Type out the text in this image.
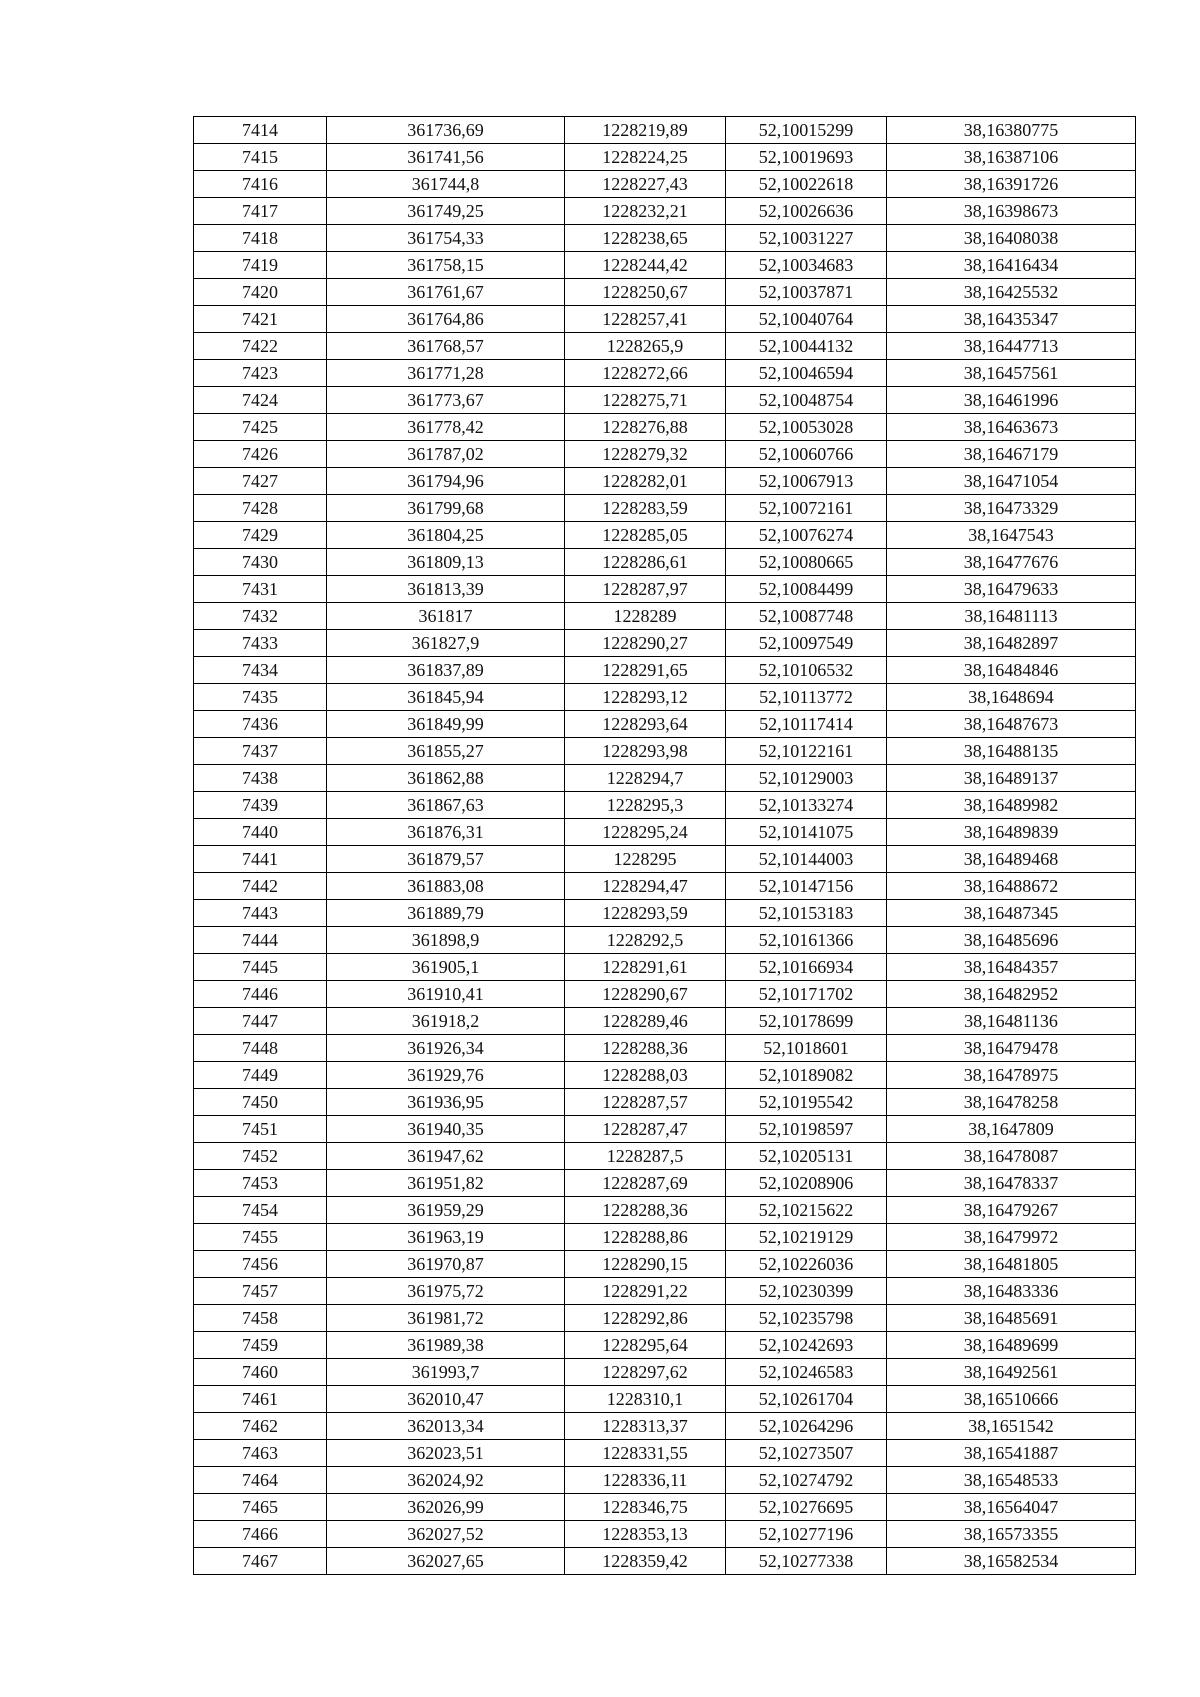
7414	361736,69	1228219,89	52,10015299	38,16380775
7415	361741,56	1228224,25	52,10019693	38,16387106
7416	361744,8	1228227,43	52,10022618	38,16391726
7417	361749,25	1228232,21	52,10026636	38,16398673
7418	361754,33	1228238,65	52,10031227	38,16408038
7419	361758,15	1228244,42	52,10034683	38,16416434
7420	361761,67	1228250,67	52,10037871	38,16425532
7421	361764,86	1228257,41	52,10040764	38,16435347
7422	361768,57	1228265,9	52,10044132	38,16447713
7423	361771,28	1228272,66	52,10046594	38,16457561
7424	361773,67	1228275,71	52,10048754	38,16461996
7425	361778,42	1228276,88	52,10053028	38,16463673
7426	361787,02	1228279,32	52,10060766	38,16467179
7427	361794,96	1228282,01	52,10067913	38,16471054
7428	361799,68	1228283,59	52,10072161	38,16473329
7429	361804,25	1228285,05	52,10076274	38,1647543
7430	361809,13	1228286,61	52,10080665	38,16477676
7431	361813,39	1228287,97	52,10084499	38,16479633
7432	361817	1228289	52,10087748	38,16481113
7433	361827,9	1228290,27	52,10097549	38,16482897
7434	361837,89	1228291,65	52,10106532	38,16484846
7435	361845,94	1228293,12	52,10113772	38,1648694
7436	361849,99	1228293,64	52,10117414	38,16487673
7437	361855,27	1228293,98	52,10122161	38,16488135
7438	361862,88	1228294,7	52,10129003	38,16489137
7439	361867,63	1228295,3	52,10133274	38,16489982
7440	361876,31	1228295,24	52,10141075	38,16489839
7441	361879,57	1228295	52,10144003	38,16489468
7442	361883,08	1228294,47	52,10147156	38,16488672
7443	361889,79	1228293,59	52,10153183	38,16487345
7444	361898,9	1228292,5	52,10161366	38,16485696
7445	361905,1	1228291,61	52,10166934	38,16484357
7446	361910,41	1228290,67	52,10171702	38,16482952
7447	361918,2	1228289,46	52,10178699	38,16481136
7448	361926,34	1228288,36	52,1018601	38,16479478
7449	361929,76	1228288,03	52,10189082	38,16478975
7450	361936,95	1228287,57	52,10195542	38,16478258
7451	361940,35	1228287,47	52,10198597	38,1647809
7452	361947,62	1228287,5	52,10205131	38,16478087
7453	361951,82	1228287,69	52,10208906	38,16478337
7454	361959,29	1228288,36	52,10215622	38,16479267
7455	361963,19	1228288,86	52,10219129	38,16479972
7456	361970,87	1228290,15	52,10226036	38,16481805
7457	361975,72	1228291,22	52,10230399	38,16483336
7458	361981,72	1228292,86	52,10235798	38,16485691
7459	361989,38	1228295,64	52,10242693	38,16489699
7460	361993,7	1228297,62	52,10246583	38,16492561
7461	362010,47	1228310,1	52,10261704	38,16510666
7462	362013,34	1228313,37	52,10264296	38,1651542
7463	362023,51	1228331,55	52,10273507	38,16541887
7464	362024,92	1228336,11	52,10274792	38,16548533
7465	362026,99	1228346,75	52,10276695	38,16564047
7466	362027,52	1228353,13	52,10277196	38,16573355
7467	362027,65	1228359,42	52,10277338	38,16582534
